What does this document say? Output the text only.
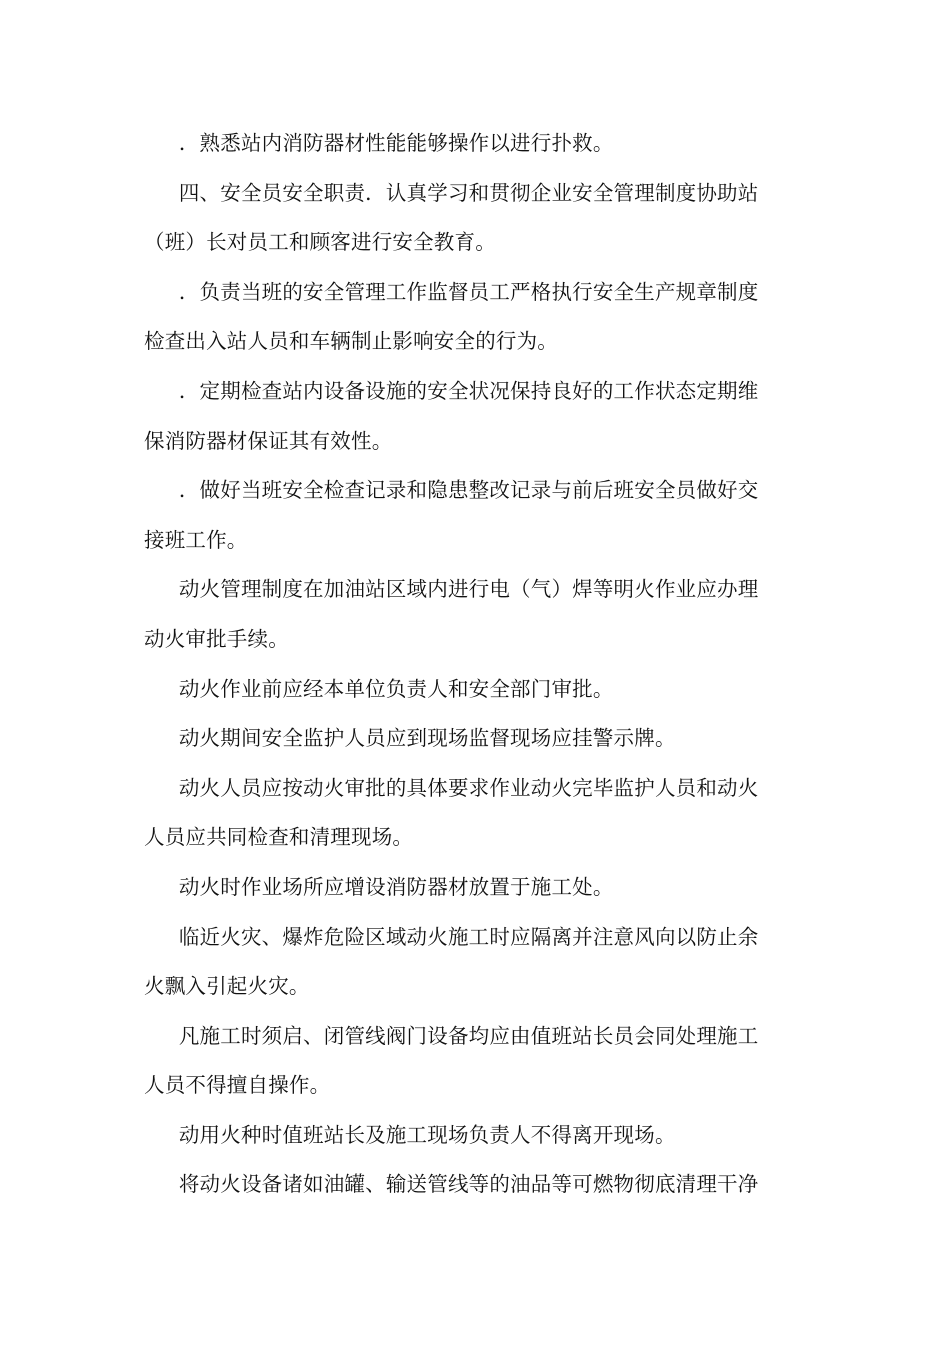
．熟悉站内消防器材性能能够操作以进行扑救。

四、安全员安全职责．认真学习和贯彻企业安全管理制度协助站（班）长对员工和顾客进行安全教育。

．负责当班的安全管理工作监督员工严格执行安全生产规章制度检查出入站人员和车辆制止影响安全的行为。

．定期检查站内设备设施的安全状况保持良好的工作状态定期维保消防器材保证其有效性。

．做好当班安全检查记录和隐患整改记录与前后班安全员做好交接班工作。

动火管理制度在加油站区域内进行电（气）焊等明火作业应办理动火审批手续。

动火作业前应经本单位负责人和安全部门审批。

动火期间安全监护人员应到现场监督现场应挂警示牌。

动火人员应按动火审批的具体要求作业动火完毕监护人员和动火人员应共同检查和清理现场。

动火时作业场所应增设消防器材放置于施工处。

临近火灾、爆炸危险区域动火施工时应隔离并注意风向以防止余火飘入引起火灾。

凡施工时须启、闭管线阀门设备均应由值班站长员会同处理施工人员不得擅自操作。

动用火种时值班站长及施工现场负责人不得离开现场。

将动火设备诸如油罐、输送管线等的油品等可燃物彻底清理干净
